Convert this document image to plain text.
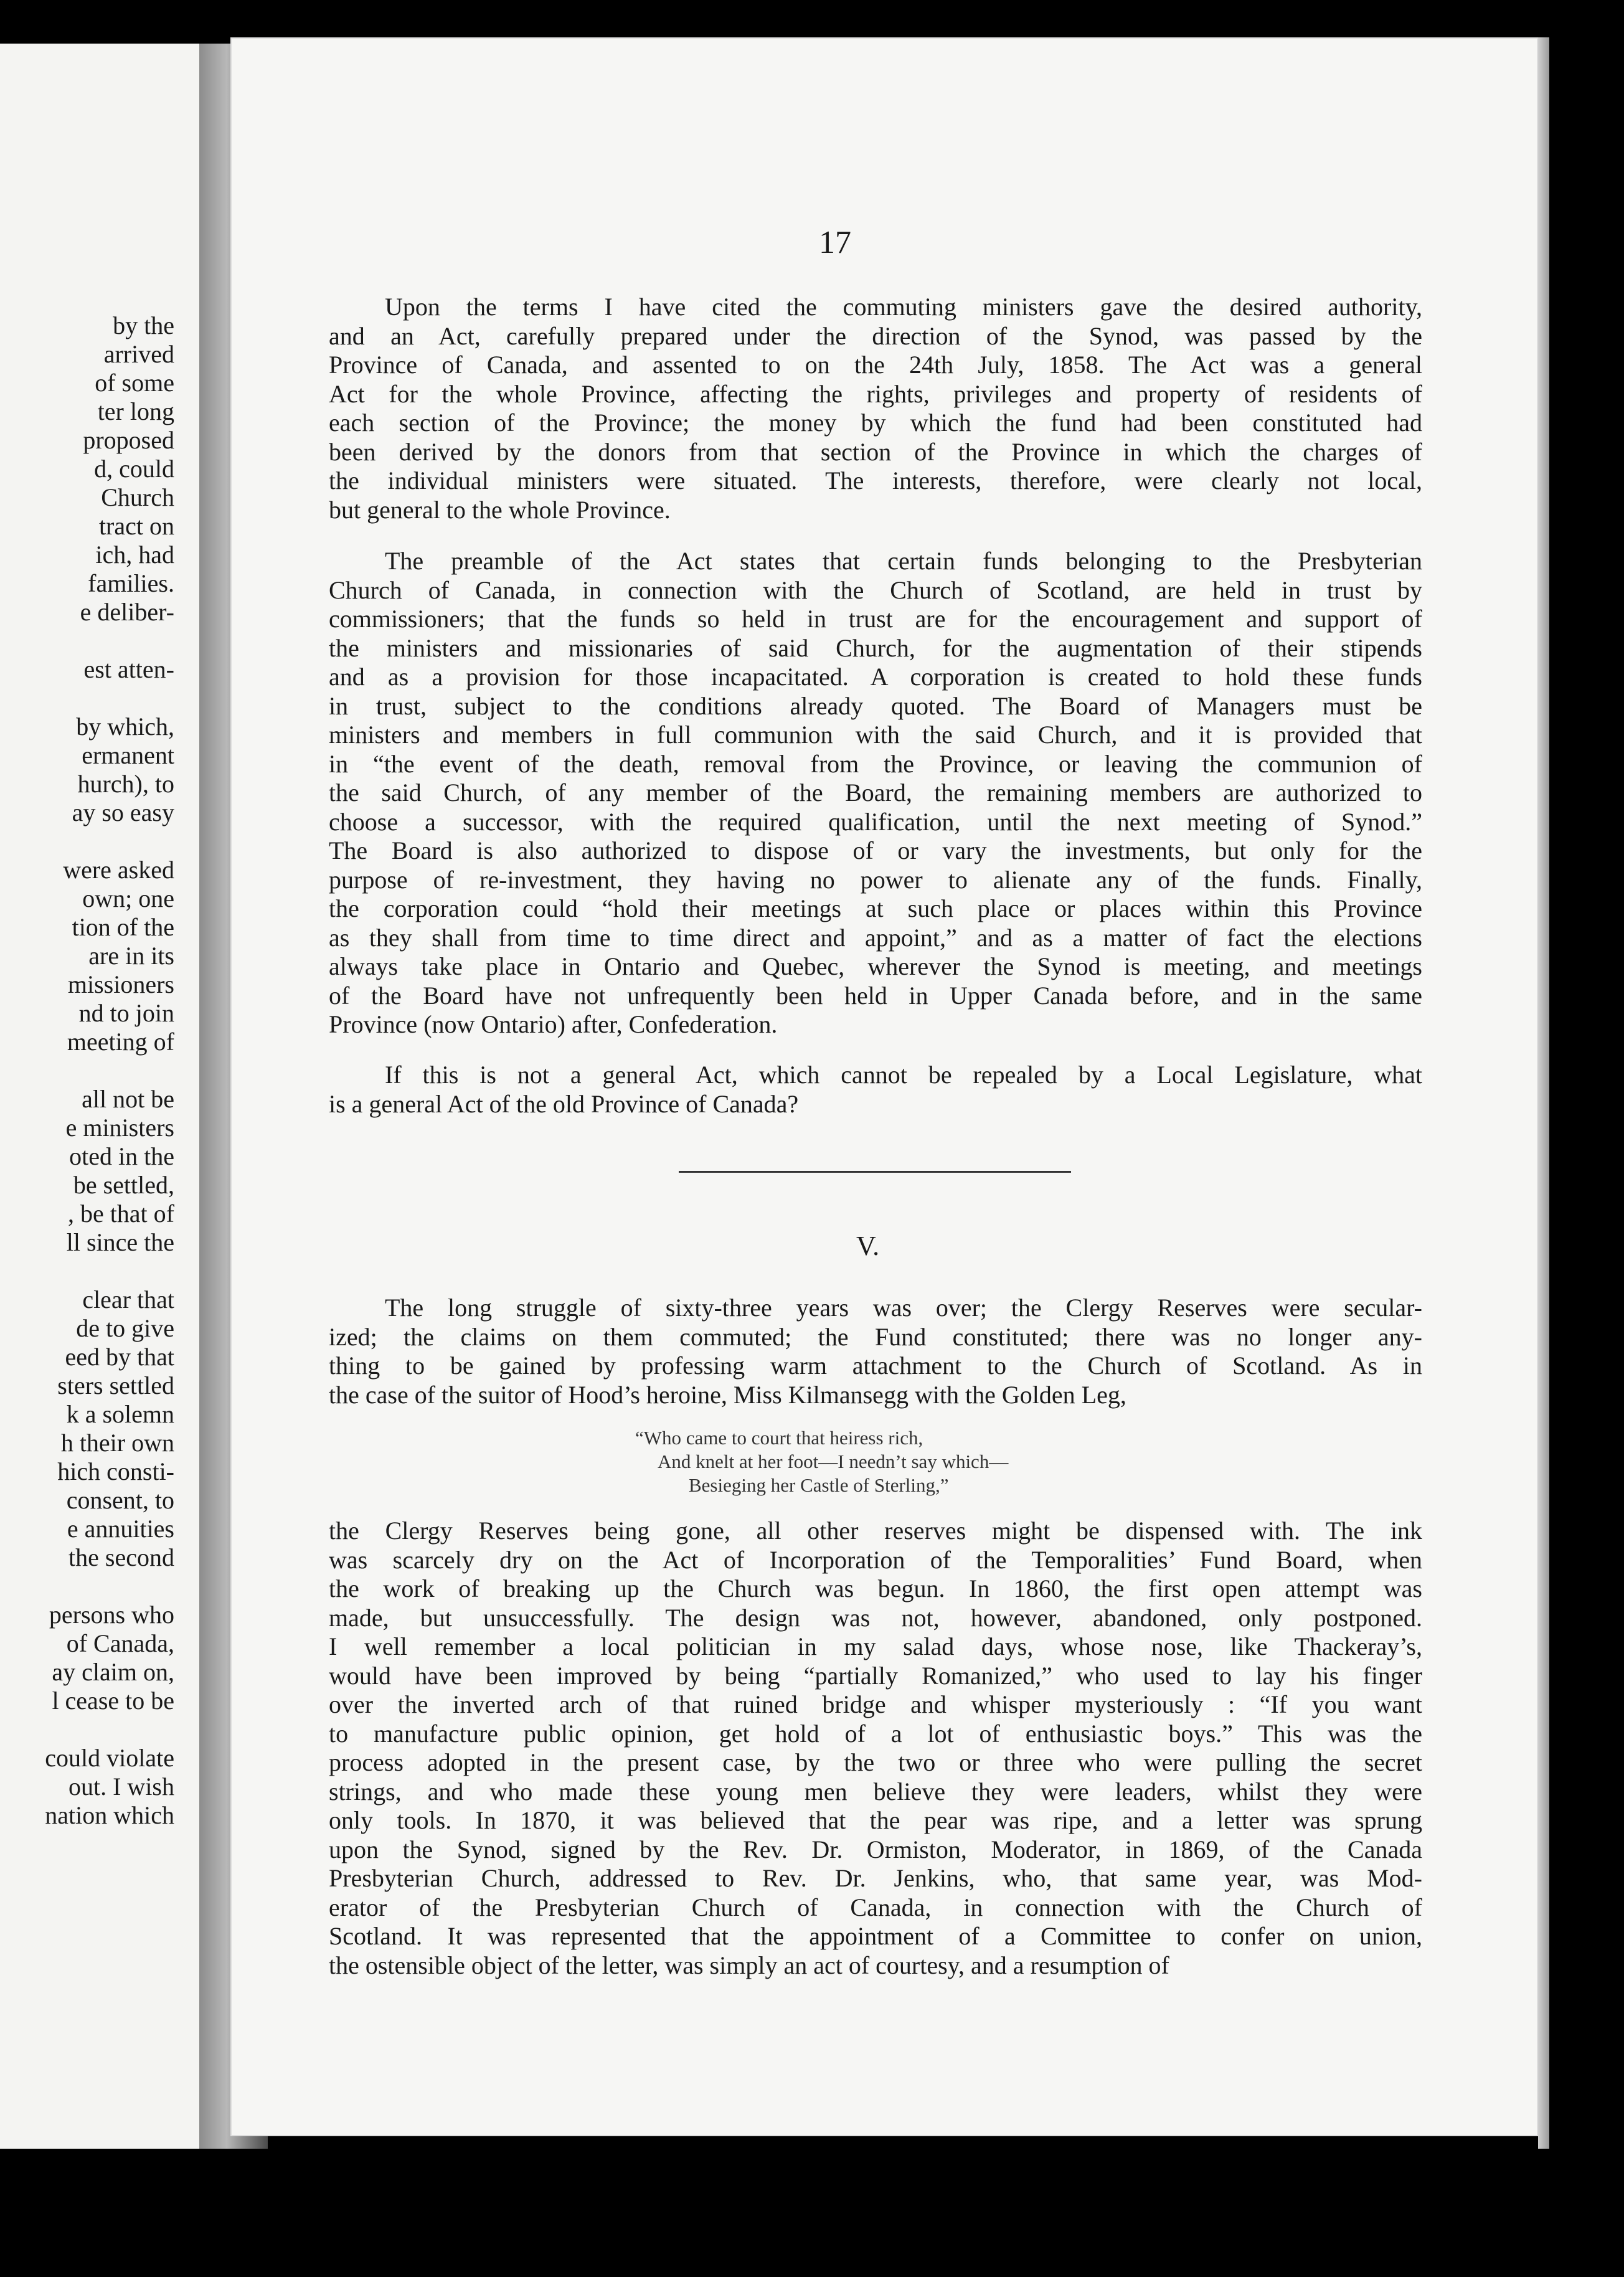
by the
arrived
of some
ter long
proposed
d, could
Church
tract on
ich, had
families.
e deliber-
est atten-
by which,
ermanent
hurch), to
ay so easy
were asked
own; one
tion of the
are in its
missioners
nd to join
meeting of
all not be
e ministers
oted in the
be settled,
, be that of
ll since the
clear that
de to give
eed by that
sters settled
k a solemn
h their own
hich consti-
consent, to
e annuities
the second
persons who
of Canada,
ay claim on,
l cease to be
could violate
out. I wish
nation which
17
Upon the terms I have cited the commuting ministers gave the desired authority,
and an Act, carefully prepared under the direction of the Synod, was passed by the
Province of Canada, and assented to on the 24th July, 1858. The Act was a general
Act for the whole Province, affecting the rights, privileges and property of residents of
each section of the Province; the money by which the fund had been constituted had
been derived by the donors from that section of the Province in which the charges of
the individual ministers were situated. The interests, therefore, were clearly not local,
but general to the whole Province.
The preamble of the Act states that certain funds belonging to the Presbyterian
Church of Canada, in connection with the Church of Scotland, are held in trust by
commissioners; that the funds so held in trust are for the encouragement and support of
the ministers and missionaries of said Church, for the augmentation of their stipends
and as a provision for those incapacitated. A corporation is created to hold these funds
in trust, subject to the conditions already quoted. The Board of Managers must be
ministers and members in full communion with the said Church, and it is provided that
in “the event of the death, removal from the Province, or leaving the communion of
the said Church, of any member of the Board, the remaining members are authorized to
choose a successor, with the required qualification, until the next meeting of Synod.”
The Board is also authorized to dispose of or vary the investments, but only for the
purpose of re-investment, they having no power to alienate any of the funds. Finally,
the corporation could “hold their meetings at such place or places within this Province
as they shall from time to time direct and appoint,” and as a matter of fact the elections
always take place in Ontario and Quebec, wherever the Synod is meeting, and meetings
of the Board have not unfrequently been held in Upper Canada before, and in the same
Province (now Ontario) after, Confederation.
If this is not a general Act, which cannot be repealed by a Local Legislature, what
is a general Act of the old Province of Canada?
V.
The long struggle of sixty-three years was over; the Clergy Reserves were secular-
ized; the claims on them commuted; the Fund constituted; there was no longer any-
thing to be gained by professing warm attachment to the Church of Scotland. As in
the case of the suitor of Hood’s heroine, Miss Kilmansegg with the Golden Leg,
“Who came to court that heiress rich,
And knelt at her foot—I needn’t say which—
Besieging her Castle of Sterling,”
the Clergy Reserves being gone, all other reserves might be dispensed with. The ink
was scarcely dry on the Act of Incorporation of the Temporalities’ Fund Board, when
the work of breaking up the Church was begun. In 1860, the first open attempt was
made, but unsuccessfully. The design was not, however, abandoned, only postponed.
I well remember a local politician in my salad days, whose nose, like Thackeray’s,
would have been improved by being “partially Romanized,” who used to lay his finger
over the inverted arch of that ruined bridge and whisper mysteriously : “If you want
to manufacture public opinion, get hold of a lot of enthusiastic boys.” This was the
process adopted in the present case, by the two or three who were pulling the secret
strings, and who made these young men believe they were leaders, whilst they were
only tools. In 1870, it was believed that the pear was ripe, and a letter was sprung
upon the Synod, signed by the Rev. Dr. Ormiston, Moderator, in 1869, of the Canada
Presbyterian Church, addressed to Rev. Dr. Jenkins, who, that same year, was Mod-
erator of the Presbyterian Church of Canada, in connection with the Church of
Scotland. It was represented that the appointment of a Committee to confer on union,
the ostensible object of the letter, was simply an act of courtesy, and a resumption of
